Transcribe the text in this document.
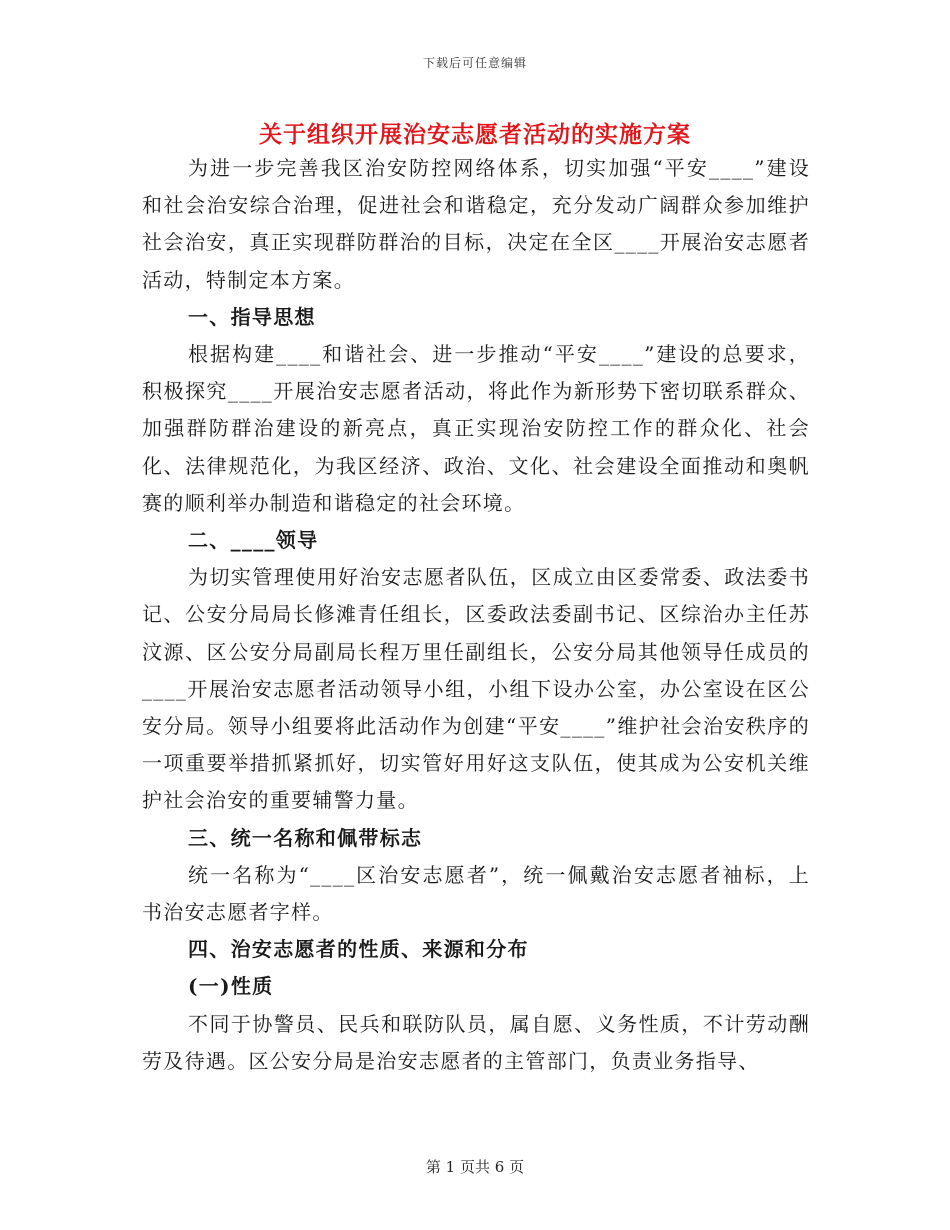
下载后可任意编辑
关于组织开展治安志愿者活动的实施方案

为进一步完善我区治安防控网络体系，切实加强“平安____”建设和社会治安综合治理，促进社会和谐稳定，充分发动广阔群众参加维护社会治安，真正实现群防群治的目标，决定在全区____开展治安志愿者活动，特制定本方案。

一、指导思想

根据构建____和谐社会、进一步推动“平安____”建设的总要求，积极探究____开展治安志愿者活动，将此作为新形势下密切联系群众、加强群防群治建设的新亮点，真正实现治安防控工作的群众化、社会化、法律规范化，为我区经济、政治、文化、社会建设全面推动和奥帆赛的顺利举办制造和谐稳定的社会环境。

二、____领导

为切实管理使用好治安志愿者队伍，区成立由区委常委、政法委书记、公安分局局长修滩青任组长，区委政法委副书记、区综治办主任苏汶源、区公安分局副局长程万里任副组长，公安分局其他领导任成员的____开展治安志愿者活动领导小组，小组下设办公室，办公室设在区公安分局。领导小组要将此活动作为创建“平安____”维护社会治安秩序的一项重要举措抓紧抓好，切实管好用好这支队伍，使其成为公安机关维护社会治安的重要辅警力量。

三、统一名称和佩带标志

统一名称为“____区治安志愿者”，统一佩戴治安志愿者袖标，上书治安志愿者字样。

四、治安志愿者的性质、来源和分布

(一)性质

不同于协警员、民兵和联防队员，属自愿、义务性质，不计劳动酬劳及待遇。区公安分局是治安志愿者的主管部门，负责业务指导、

第 1 页共 6 页
